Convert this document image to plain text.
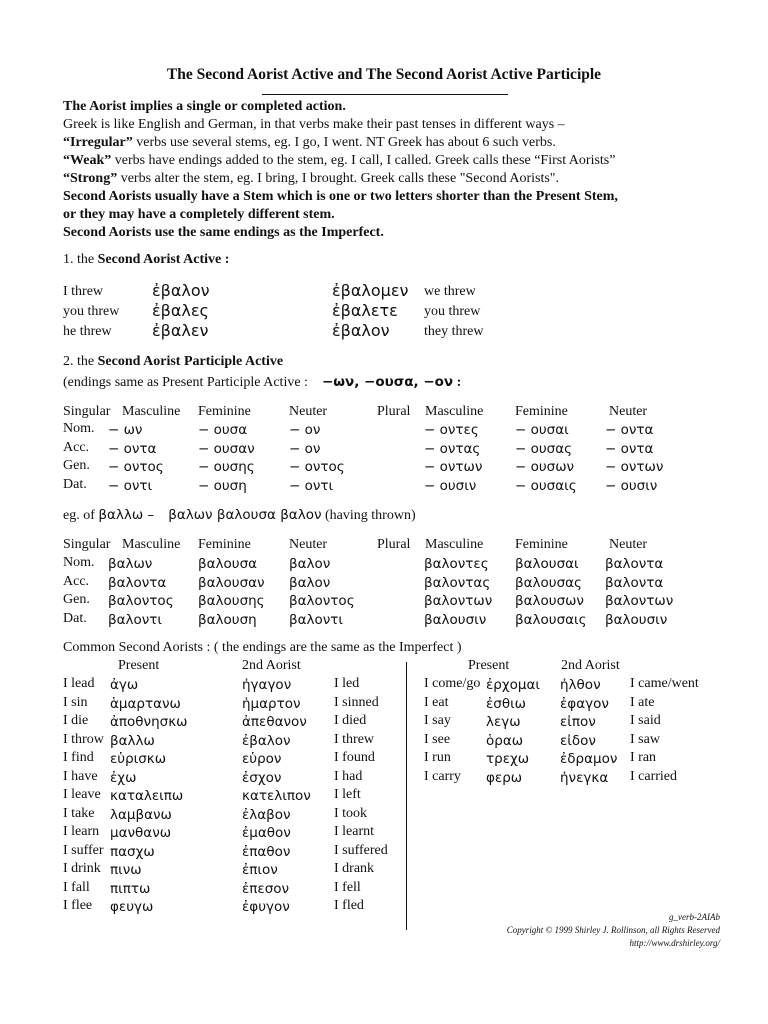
The Second Aorist Active and The Second Aorist Active Participle
The Aorist implies a single or completed action.
Greek is like English and German, in that verbs make their past tenses in different ways –
“Irregular” verbs use several stems, eg. I go, I went. NT Greek has about 6 such verbs.
“Weak” verbs have endings added to the stem, eg. I call, I called. Greek calls these “First Aorists”
“Strong” verbs alter the stem, eg. I bring, I brought. Greek calls these "Second Aorists".
Second Aorists usually have a Stem which is one or two letters shorter than the Present Stem,
or they may have a completely different stem.
Second Aorists use the same endings as the Imperfect.
1. the Second Aorist Active :
I threw	ἐβαλον	ἐβαλομεν we threw
you threw ἐβαλες	ἐβαλετε you threw
he threw	ἐβαλεν	ἐβαλον they threw
2. the Second Aorist Participle Active
(endings same as Present Participle Active : −ων, −ουσα, −ον :
Singular Masculine Feminine	Neuter	Plural Masculine Feminine	Neuter
Nom. − ων	− ουσα	− ον	− οντες	− ουσαι	− οντα
Acc. − οντα	− ουσαν	− ον	− οντας	− ουσας − οντα
Gen. − οντος	− ουσης	− οντος	− οντων − ουσων − οντων
Dat. − οντι	− ουση	− οντι	− ουσιν	− ουσαις − ουσιν
eg. of βαλλω – βαλων βαλουσα βαλον (having thrown)
Singular Masculine Feminine	Neuter	Plural Masculine Feminine	Neuter
Nom. βαλων	βαλουσα βαλον	βαλοντες βαλουσαι βαλοντα
Acc. βαλοντα βαλουσαν βαλον	βαλοντας βαλουσας βαλοντα
Gen. βαλοντος βαλουσης βαλοντος	βαλοντων βαλουσων βαλοντων
Dat. βαλοντι	βαλουση βαλοντι	βαλουσιν βαλουσαις βαλουσιν
Common Second Aorists : ( the endings are the same as the Imperfect )
Present	2nd Aorist	Present	2nd Aorist
I lead ἀγω	ἠγαγον	I led
I sin ἁμαρτανω	ἡμαρτον I sinned
I die ἀποθνησκω	ἀπεθανον I died
I throw βαλλω	ἐβαλον	I threw
I find εὑρισκω	εὑρον	I found
I have ἐχω	ἐσχον	I had
I leave καταλειπω	κατελιπον I left
I take λαμβανω	ἐλαβον	I took
I learn μανθανω	ἐμαθον	I learnt
I suffer πασχω	ἐπαθον	I suffered
I drink πινω	ἐπιον	I drank
I fall πιπτω	ἐπεσον	I fell
I flee φευγω	ἐφυγον	I fled
I come/go ἐρχομαι ἠλθον I came/went
I eat	ἐσθιω	ἐφαγον I ate
I say	λεγω	εἰπον I said
I see	ὁραω	εἰδον I saw
I run	τρεχω ἐδραμον I ran
I carry φερω	ἠνεγκα I carried
g_verb-2AIAb
Copyright © 1999 Shirley J. Rollinson, all Rights Reserved
http://www.drshirley.org/
